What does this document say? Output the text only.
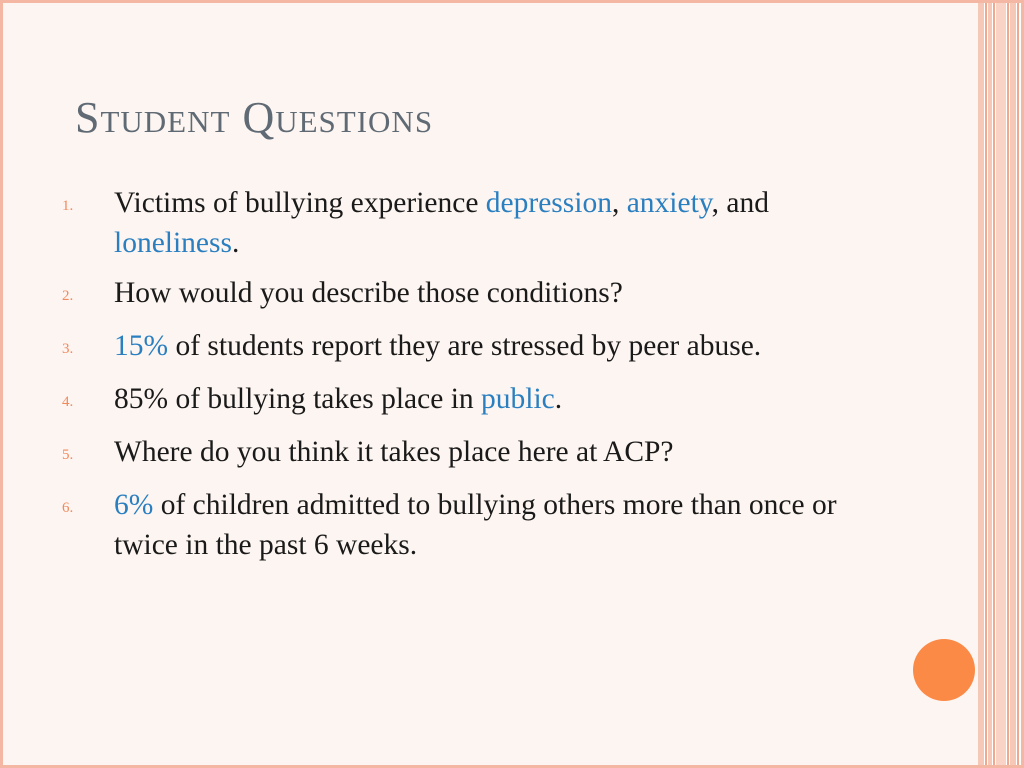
Student Questions
1.	Victims of bullying experience depression, anxiety, and loneliness.
2.	How would you describe those conditions?
3.	15% of students report they are stressed by peer abuse.
4.	85% of bullying takes place in public.
5.	Where do you think it takes place here at ACP?
6.	6% of children admitted to bullying others more than once or twice in the past 6 weeks.
